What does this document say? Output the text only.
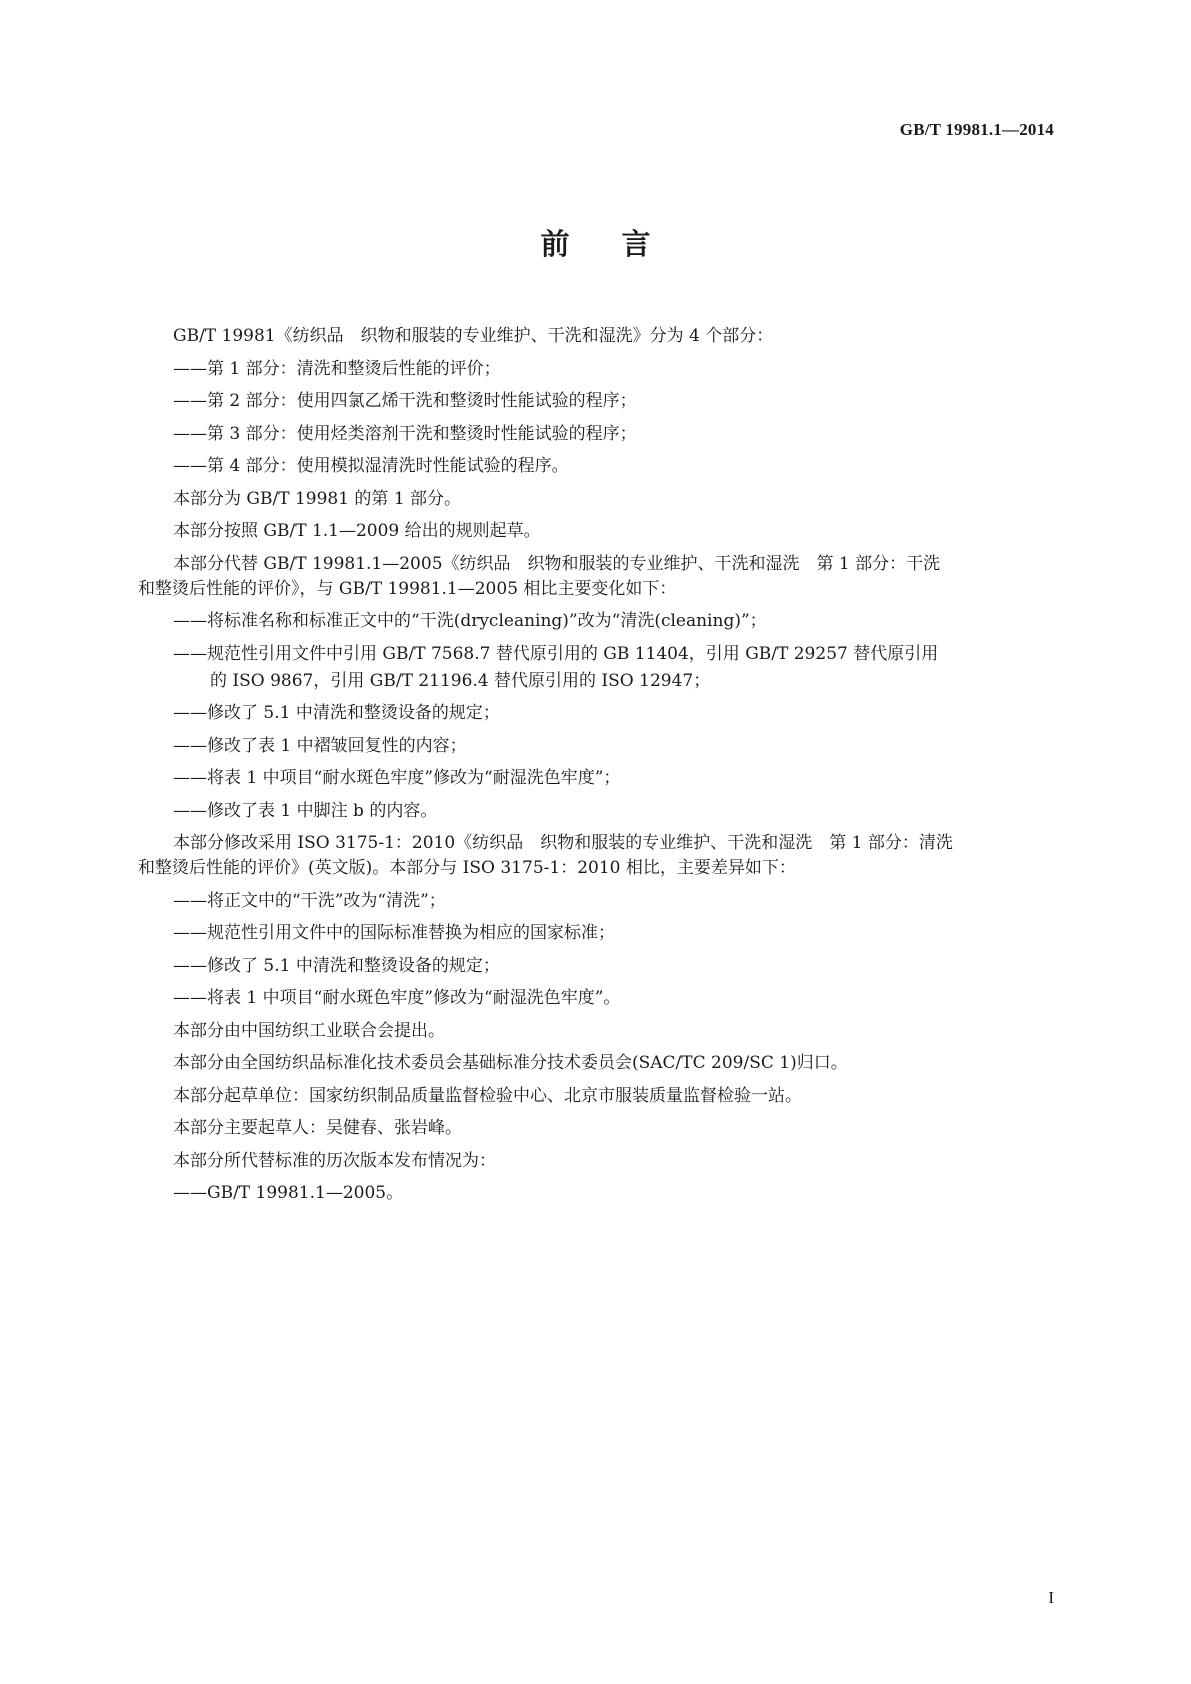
GB/T 19981.1—2014
前言

GB/T 19981《纺织品　织物和服装的专业维护、干洗和湿洗》分为 4 个部分：

——第 1 部分：清洗和整烫后性能的评价；

——第 2 部分：使用四氯乙烯干洗和整烫时性能试验的程序；

——第 3 部分：使用烃类溶剂干洗和整烫时性能试验的程序；

——第 4 部分：使用模拟湿清洗时性能试验的程序。

本部分为 GB/T 19981 的第 1 部分。

本部分按照 GB/T 1.1—2009 给出的规则起草。

本部分代替 GB/T 19981.1—2005《纺织品　织物和服装的专业维护、干洗和湿洗　第 1 部分：干洗

和整烫后性能的评价》，与 GB/T 19981.1—2005 相比主要变化如下：

——将标准名称和标准正文中的“干洗(drycleaning)”改为“清洗(cleaning)”；

——规范性引用文件中引用 GB/T 7568.7 替代原引用的 GB 11404，引用 GB/T 29257 替代原引用

的 ISO 9867，引用 GB/T 21196.4 替代原引用的 ISO 12947；

——修改了 5.1 中清洗和整烫设备的规定；

——修改了表 1 中褶皱回复性的内容；

——将表 1 中项目“耐水斑色牢度”修改为“耐湿洗色牢度”；

——修改了表 1 中脚注 b 的内容。

本部分修改采用 ISO 3175-1：2010《纺织品　织物和服装的专业维护、干洗和湿洗　第 1 部分：清洗

和整烫后性能的评价》(英文版)。本部分与 ISO 3175-1：2010 相比，主要差异如下：

——将正文中的“干洗”改为“清洗”；

——规范性引用文件中的国际标准替换为相应的国家标准；

——修改了 5.1 中清洗和整烫设备的规定；

——将表 1 中项目“耐水斑色牢度”修改为“耐湿洗色牢度”。

本部分由中国纺织工业联合会提出。

本部分由全国纺织品标准化技术委员会基础标准分技术委员会(SAC/TC 209/SC 1)归口。

本部分起草单位：国家纺织制品质量监督检验中心、北京市服装质量监督检验一站。

本部分主要起草人：吴健春、张岩峰。

本部分所代替标准的历次版本发布情况为：

——GB/T 19981.1—2005。

I
